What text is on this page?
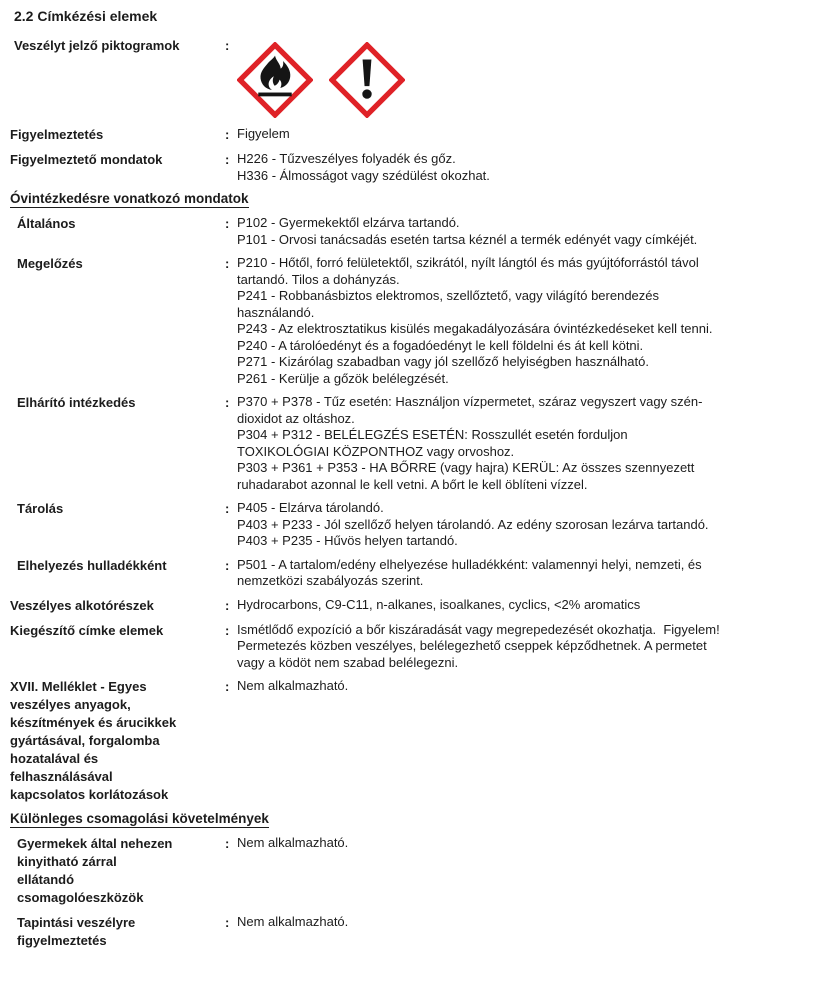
2.2 Címkézési elemek
Veszélyt jelző piktogramok	:
Figyelmeztetés	: Figyelem
Figyelmeztető mondatok	: H226 - Tűzveszélyes folyadék és gőz.
H336 - Álmosságot vagy szédülést okozhat.
Óvintézkedésre vonatkozó mondatok
Általános	: P102 - Gyermekektől elzárva tartandó.
P101 - Orvosi tanácsadás esetén tartsa kéznél a termék edényét vagy címkéjét.
Megelőzés	: P210 - Hőtől, forró felületektől, szikrától, nyílt lángtól és más gyújtóforrástól távol
tartandó. Tilos a dohányzás.
P241 - Robbanásbiztos elektromos, szellőztető, vagy világító berendezés
használandó.
P243 - Az elektrosztatikus kisülés megakadályozására óvintézkedéseket kell tenni.
P240 - A tárolóedényt és a fogadóedényt le kell földelni és át kell kötni.
P271 - Kizárólag szabadban vagy jól szellőző helyiségben használható.
P261 - Kerülje a gőzök belélegzését.
Elhárító intézkedés	: P370 + P378 - Tűz esetén: Használjon vízpermetet, száraz vegyszert vagy szén-
dioxidot az oltáshoz.
P304 + P312 - BELÉLEGZÉS ESETÉN: Rosszullét esetén forduljon
TOXIKOLÓGIAI KÖZPONTHOZ vagy orvoshoz.
P303 + P361 + P353 - HA BŐRRE (vagy hajra) KERÜL: Az összes szennyezett
ruhadarabot azonnal le kell vetni. A bőrt le kell öblíteni vízzel.
Tárolás	: P405 - Elzárva tárolandó.
P403 + P233 - Jól szellőző helyen tárolandó. Az edény szorosan lezárva tartandó.
P403 + P235 - Hűvös helyen tartandó.
Elhelyezés hulladékként	: P501 - A tartalom/edény elhelyezése hulladékként: valamennyi helyi, nemzeti, és
nemzetközi szabályozás szerint.
Veszélyes alkotórészek	: Hydrocarbons, C9-C11, n-alkanes, isoalkanes, cyclics, <2% aromatics
Kiegészítő címke elemek	: Ismétlődő expozíció a bőr kiszáradását vagy megrepedezését okozhatja.  Figyelem!
Permetezés közben veszélyes, belélegezhető cseppek képződhetnek. A permetet
vagy a ködöt nem szabad belélegezni.
XVII. Melléklet - Egyes
veszélyes anyagok,
készítmények és árucikkek
gyártásával, forgalomba
hozatalával és
felhasználásával
kapcsolatos korlátozások
: Nem alkalmazható.
Különleges csomagolási követelmények
Gyermekek által nehezen
kinyitható zárral
ellátandó
csomagolóeszközök
: Nem alkalmazható.
Tapintási veszélyre
figyelmeztetés
: Nem alkalmazható.
